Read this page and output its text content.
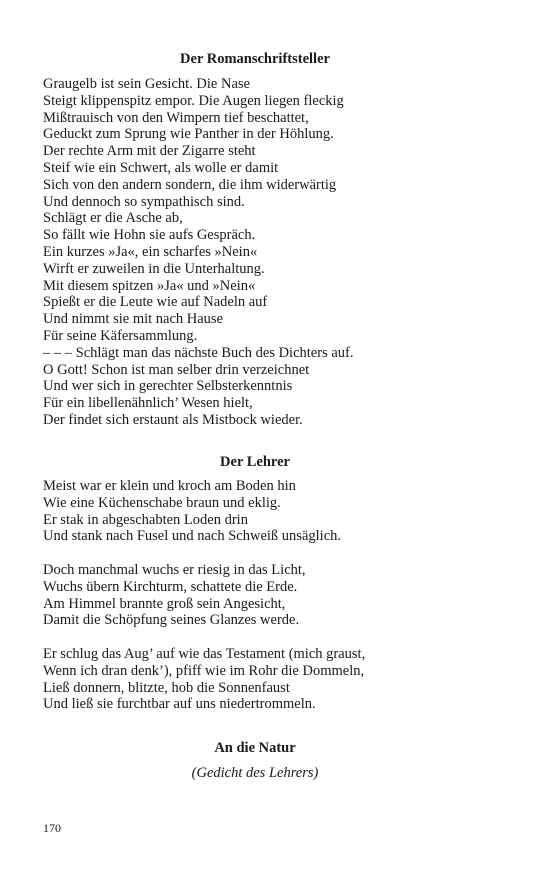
Der Romanschriftsteller
Graugelb ist sein Gesicht. Die Nase
Steigt klippenspitz empor. Die Augen liegen fleckig
Mißtrauisch von den Wimpern tief beschattet,
Geduckt zum Sprung wie Panther in der Höhlung.
Der rechte Arm mit der Zigarre steht
Steif wie ein Schwert, als wolle er damit
Sich von den andern sondern, die ihm widerwärtig
Und dennoch so sympathisch sind.
Schlägt er die Asche ab,
So fällt wie Hohn sie aufs Gespräch.
Ein kurzes »Ja«, ein scharfes »Nein«
Wirft er zuweilen in die Unterhaltung.
Mit diesem spitzen »Ja« und »Nein«
Spießt er die Leute wie auf Nadeln auf
Und nimmt sie mit nach Hause
Für seine Käfersammlung.
– – – Schlägt man das nächste Buch des Dichters auf.
O Gott! Schon ist man selber drin verzeichnet
Und wer sich in gerechter Selbsterkenntnis
Für ein libellenähnlich’ Wesen hielt,
Der findet sich erstaunt als Mistbock wieder.
Der Lehrer
Meist war er klein und kroch am Boden hin
Wie eine Küchenschabe braun und eklig.
Er stak in abgeschabten Loden drin
Und stank nach Fusel und nach Schweiß unsäglich.
Doch manchmal wuchs er riesig in das Licht,
Wuchs übern Kirchturm, schattete die Erde.
Am Himmel brannte groß sein Angesicht,
Damit die Schöpfung seines Glanzes werde.
Er schlug das Aug’ auf wie das Testament (mich graust,
Wenn ich dran denk’), pfiff wie im Rohr die Dommeln,
Ließ donnern, blitzte, hob die Sonnenfaust
Und ließ sie furchtbar auf uns niedertrommeln.
An die Natur

(Gedicht des Lehrers)

170
